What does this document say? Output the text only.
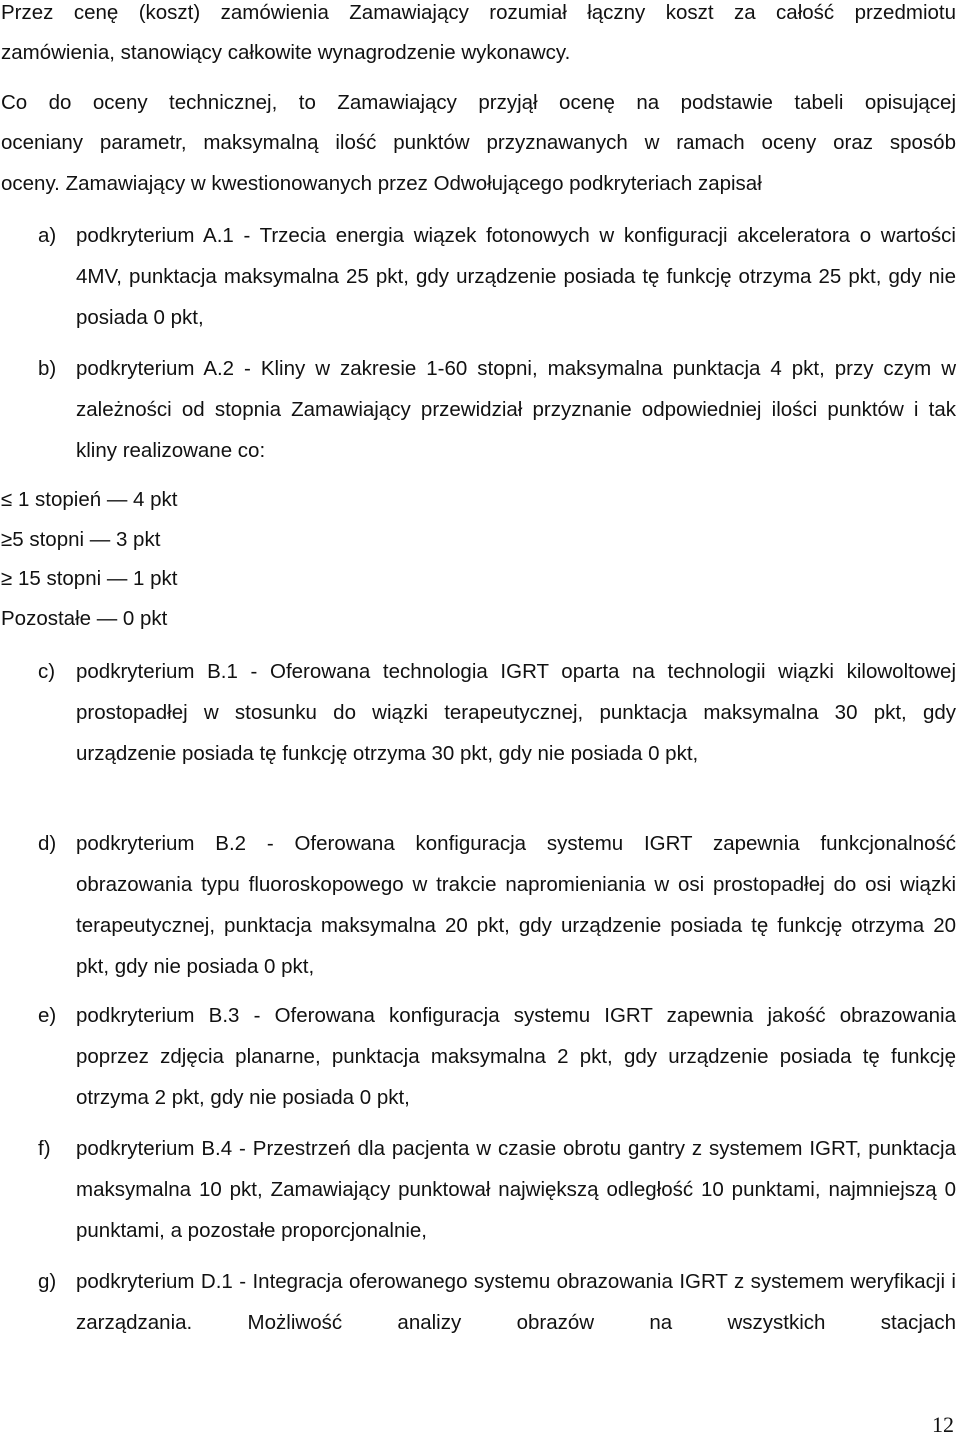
Przez cenę (koszt) zamówienia Zamawiający rozumiał łączny koszt za całość przedmiotu
zamówienia, stanowiący całkowite wynagrodzenie wykonawcy.
Co do oceny technicznej, to Zamawiający przyjął ocenę na podstawie tabeli opisującej
oceniany parametr, maksymalną ilość punktów przyznawanych w ramach oceny oraz sposób
oceny. Zamawiający w kwestionowanych przez Odwołującego podkryteriach zapisał
a) podkryterium A.1 - Trzecia energia wiązek fotonowych w konfiguracji akceleratora o wartości 4MV, punktacja maksymalna 25 pkt, gdy urządzenie posiada tę funkcję otrzyma 25 pkt, gdy nie posiada 0 pkt,
b) podkryterium A.2 - Kliny w zakresie 1-60 stopni, maksymalna punktacja 4 pkt, przy czym w zależności od stopnia Zamawiający przewidział przyznanie odpowiedniej ilości punktów i tak kliny realizowane co:
≤ 1 stopień — 4 pkt
≥5 stopni — 3 pkt
≥ 15 stopni — 1 pkt
Pozostałe — 0 pkt
c) podkryterium B.1 - Oferowana technologia IGRT oparta na technologii wiązki kilowoltowej prostopadłej w stosunku do wiązki terapeutycznej, punktacja maksymalna 30 pkt, gdy urządzenie posiada tę funkcję otrzyma 30 pkt, gdy nie posiada 0 pkt,
d) podkryterium B.2 - Oferowana konfiguracja systemu IGRT zapewnia funkcjonalność obrazowania typu fluoroskopowego w trakcie napromieniania w osi prostopadłej do osi wiązki terapeutycznej, punktacja maksymalna 20 pkt, gdy urządzenie posiada tę funkcję otrzyma 20 pkt, gdy nie posiada 0 pkt,
e) podkryterium B.3 - Oferowana konfiguracja systemu IGRT zapewnia jakość obrazowania poprzez zdjęcia planarne, punktacja maksymalna 2 pkt, gdy urządzenie posiada tę funkcję otrzyma 2 pkt, gdy nie posiada 0 pkt,
f) podkryterium B.4 - Przestrzeń dla pacjenta w czasie obrotu gantry z systemem IGRT, punktacja maksymalna 10 pkt, Zamawiający punktował największą odległość 10 punktami, najmniejszą 0 punktami, a pozostałe proporcjonalnie,
g) podkryterium D.1 - Integracja oferowanego systemu obrazowania IGRT z systemem weryfikacji i zarządzania. Możliwość analizy obrazów na wszystkich stacjach
12
